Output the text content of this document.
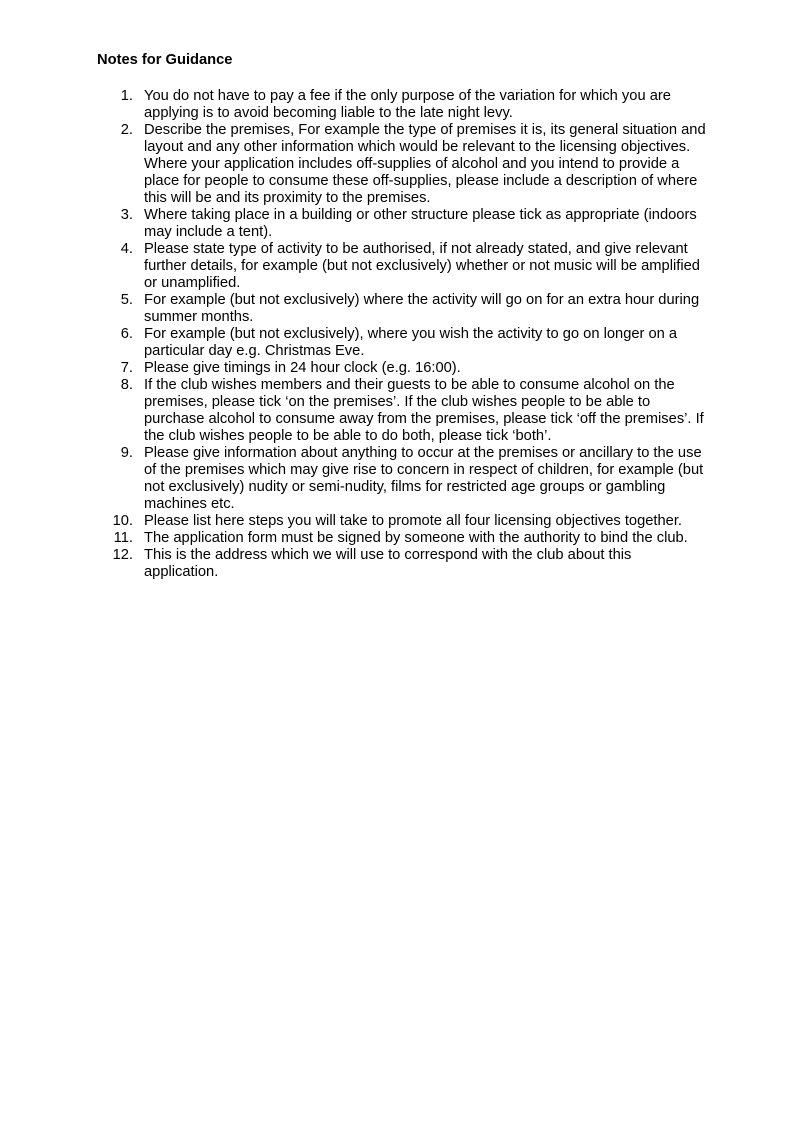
Notes for Guidance
1. You do not have to pay a fee if the only purpose of the variation for which you are applying is to avoid becoming liable to the late night levy.
2. Describe the premises, For example the type of premises it is, its general situation and layout and any other information which would be relevant to the licensing objectives. Where your application includes off-supplies of alcohol and you intend to provide a place for people to consume these off-supplies, please include a description of where this will be and its proximity to the premises.
3. Where taking place in a building or other structure please tick as appropriate (indoors may include a tent).
4. Please state type of activity to be authorised, if not already stated, and give relevant further details, for example (but not exclusively) whether or not music will be amplified or unamplified.
5. For example (but not exclusively) where the activity will go on for an extra hour during summer months.
6. For example (but not exclusively), where you wish the activity to go on longer on a particular day e.g. Christmas Eve.
7. Please give timings in 24 hour clock (e.g. 16:00).
8. If the club wishes members and their guests to be able to consume alcohol on the premises, please tick ‘on the premises’. If the club wishes people to be able to purchase alcohol to consume away from the premises, please tick ‘off the premises’. If the club wishes people to be able to do both, please tick ‘both’.
9. Please give information about anything to occur at the premises or ancillary to the use of the premises which may give rise to concern in respect of children, for example (but not exclusively) nudity or semi-nudity, films for restricted age groups or gambling machines etc.
10. Please list here steps you will take to promote all four licensing objectives together.
11. The application form must be signed by someone with the authority to bind the club.
12. This is the address which we will use to correspond with the club about this application.
